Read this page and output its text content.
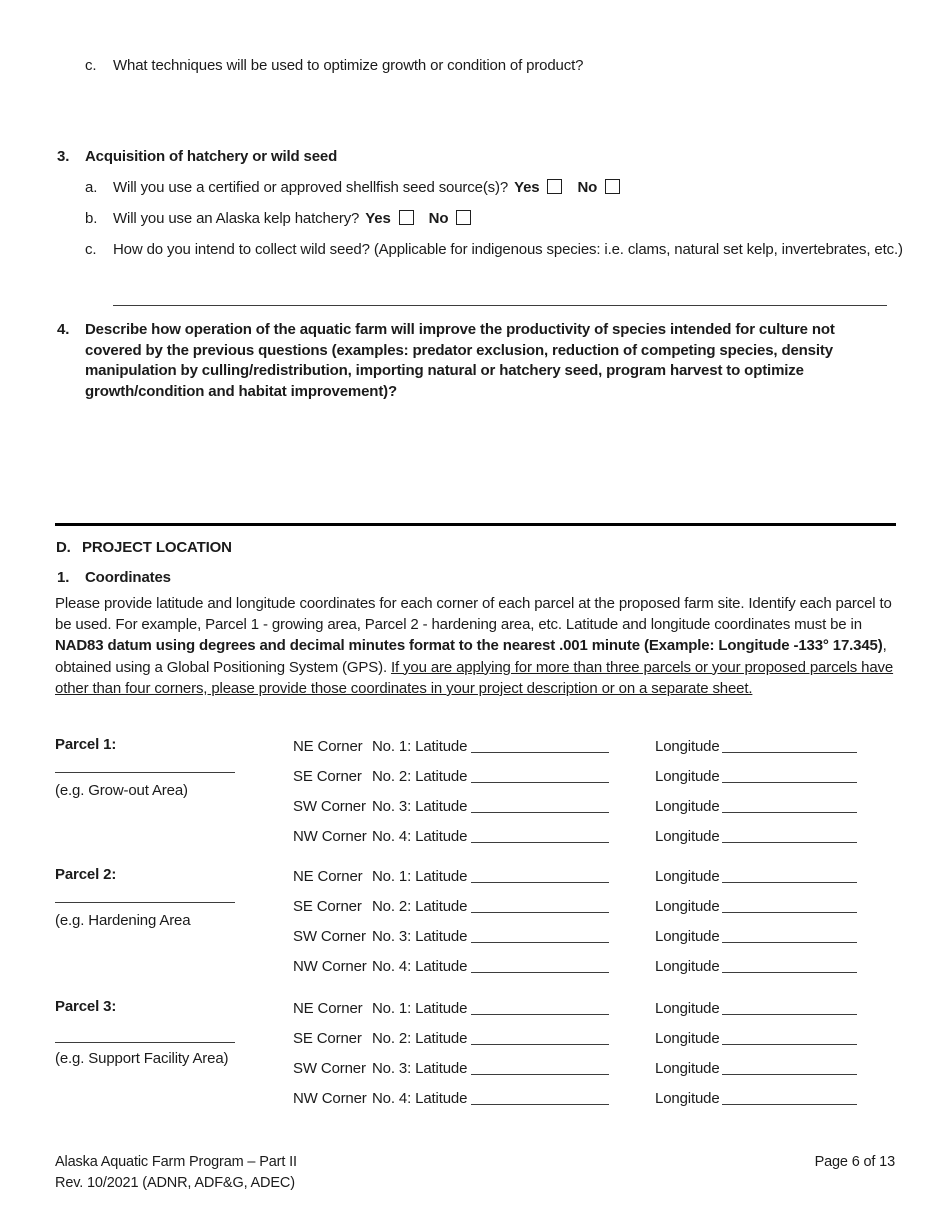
c. What techniques will be used to optimize growth or condition of product?
3. Acquisition of hatchery or wild seed
a. Will you use a certified or approved shellfish seed source(s)? Yes	No
b. Will you use an Alaska kelp hatchery? Yes	No
c. How do you intend to collect wild seed? (Applicable for indigenous species: i.e. clams, natural set kelp, invertebrates, etc.)
4. Describe how operation of the aquatic farm will improve the productivity of species intended for culture not covered by the previous questions (examples: predator exclusion, reduction of competing species, density manipulation by culling/redistribution, importing natural or hatchery seed, program harvest to optimize growth/condition and habitat improvement)?
D. PROJECT LOCATION
1. Coordinates
Please provide latitude and longitude coordinates for each corner of each parcel at the proposed farm site. Identify each parcel to be used. For example, Parcel 1 - growing area, Parcel 2 - hardening area, etc. Latitude and longitude coordinates must be in NAD83 datum using degrees and decimal minutes format to the nearest .001 minute (Example: Longitude -133° 17.345), obtained using a Global Positioning System (GPS). If you are applying for more than three parcels or your proposed parcels have other than four corners, please provide those coordinates in your project description or on a separate sheet.
Parcel 1:
(e.g. Grow-out Area)
NE Corner No. 1: Latitude	Longitude
SE Corner No. 2: Latitude	Longitude
SW Corner No. 3: Latitude	Longitude
NW Corner No. 4: Latitude	Longitude
Parcel 2:
(e.g. Hardening Area
NE Corner No. 1: Latitude	Longitude
SE Corner No. 2: Latitude	Longitude
SW Corner No. 3: Latitude	Longitude
NW Corner No. 4: Latitude	Longitude
Parcel 3:
(e.g. Support Facility Area)
NE Corner No. 1: Latitude	Longitude
SE Corner No. 2: Latitude	Longitude
SW Corner No. 3: Latitude	Longitude
NW Corner No. 4: Latitude	Longitude
Alaska Aquatic Farm Program – Part II
Rev. 10/2021 (ADNR, ADF&G, ADEC)
Page 6 of 13
